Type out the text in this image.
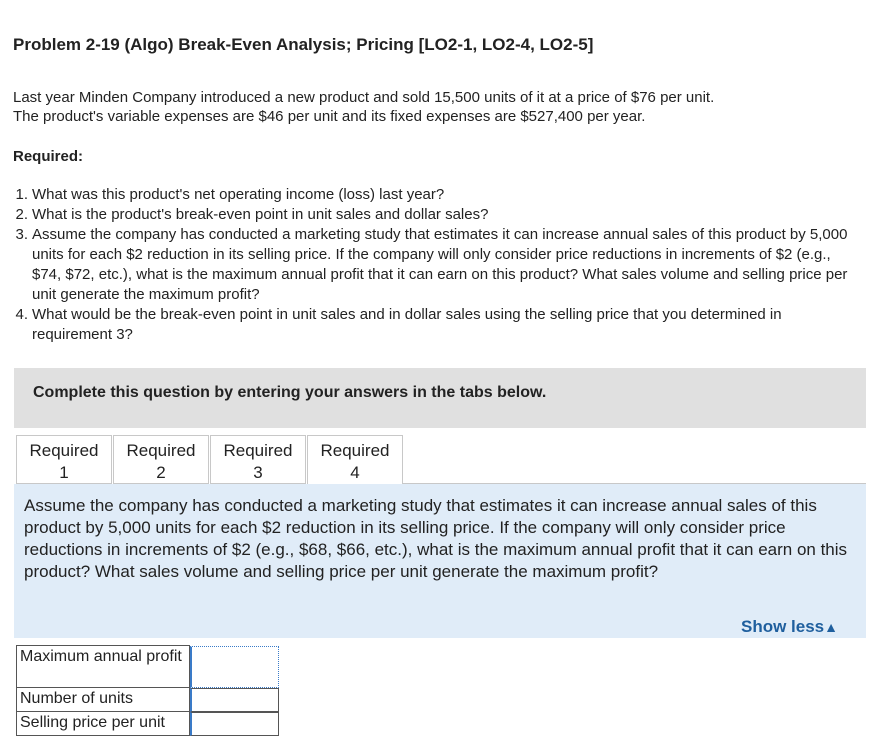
Problem 2-19 (Algo) Break-Even Analysis; Pricing [LO2-1, LO2-4, LO2-5]
Last year Minden Company introduced a new product and sold 15,500 units of it at a price of $76 per unit.
The product's variable expenses are $46 per unit and its fixed expenses are $527,400 per year.
Required:
1. What was this product's net operating income (loss) last year?
2. What is the product's break-even point in unit sales and dollar sales?
3. Assume the company has conducted a marketing study that estimates it can increase annual sales of this product by 5,000 units for each $2 reduction in its selling price. If the company will only consider price reductions in increments of $2 (e.g., $74, $72, etc.), what is the maximum annual profit that it can earn on this product? What sales volume and selling price per unit generate the maximum profit?
4. What would be the break-even point in unit sales and in dollar sales using the selling price that you determined in requirement 3?
Complete this question by entering your answers in the tabs below.
Required
1
Required
2
Required
3
Required
4
Assume the company has conducted a marketing study that estimates it can increase annual sales of this product by 5,000 units for each $2 reduction in its selling price. If the company will only consider price reductions in increments of $2 (e.g., $68, $66, etc.), what is the maximum annual profit that it can earn on this product? What sales volume and selling price per unit generate the maximum profit?
Show less▲
Maximum annual profit	

Number of units	

Selling price per unit	
